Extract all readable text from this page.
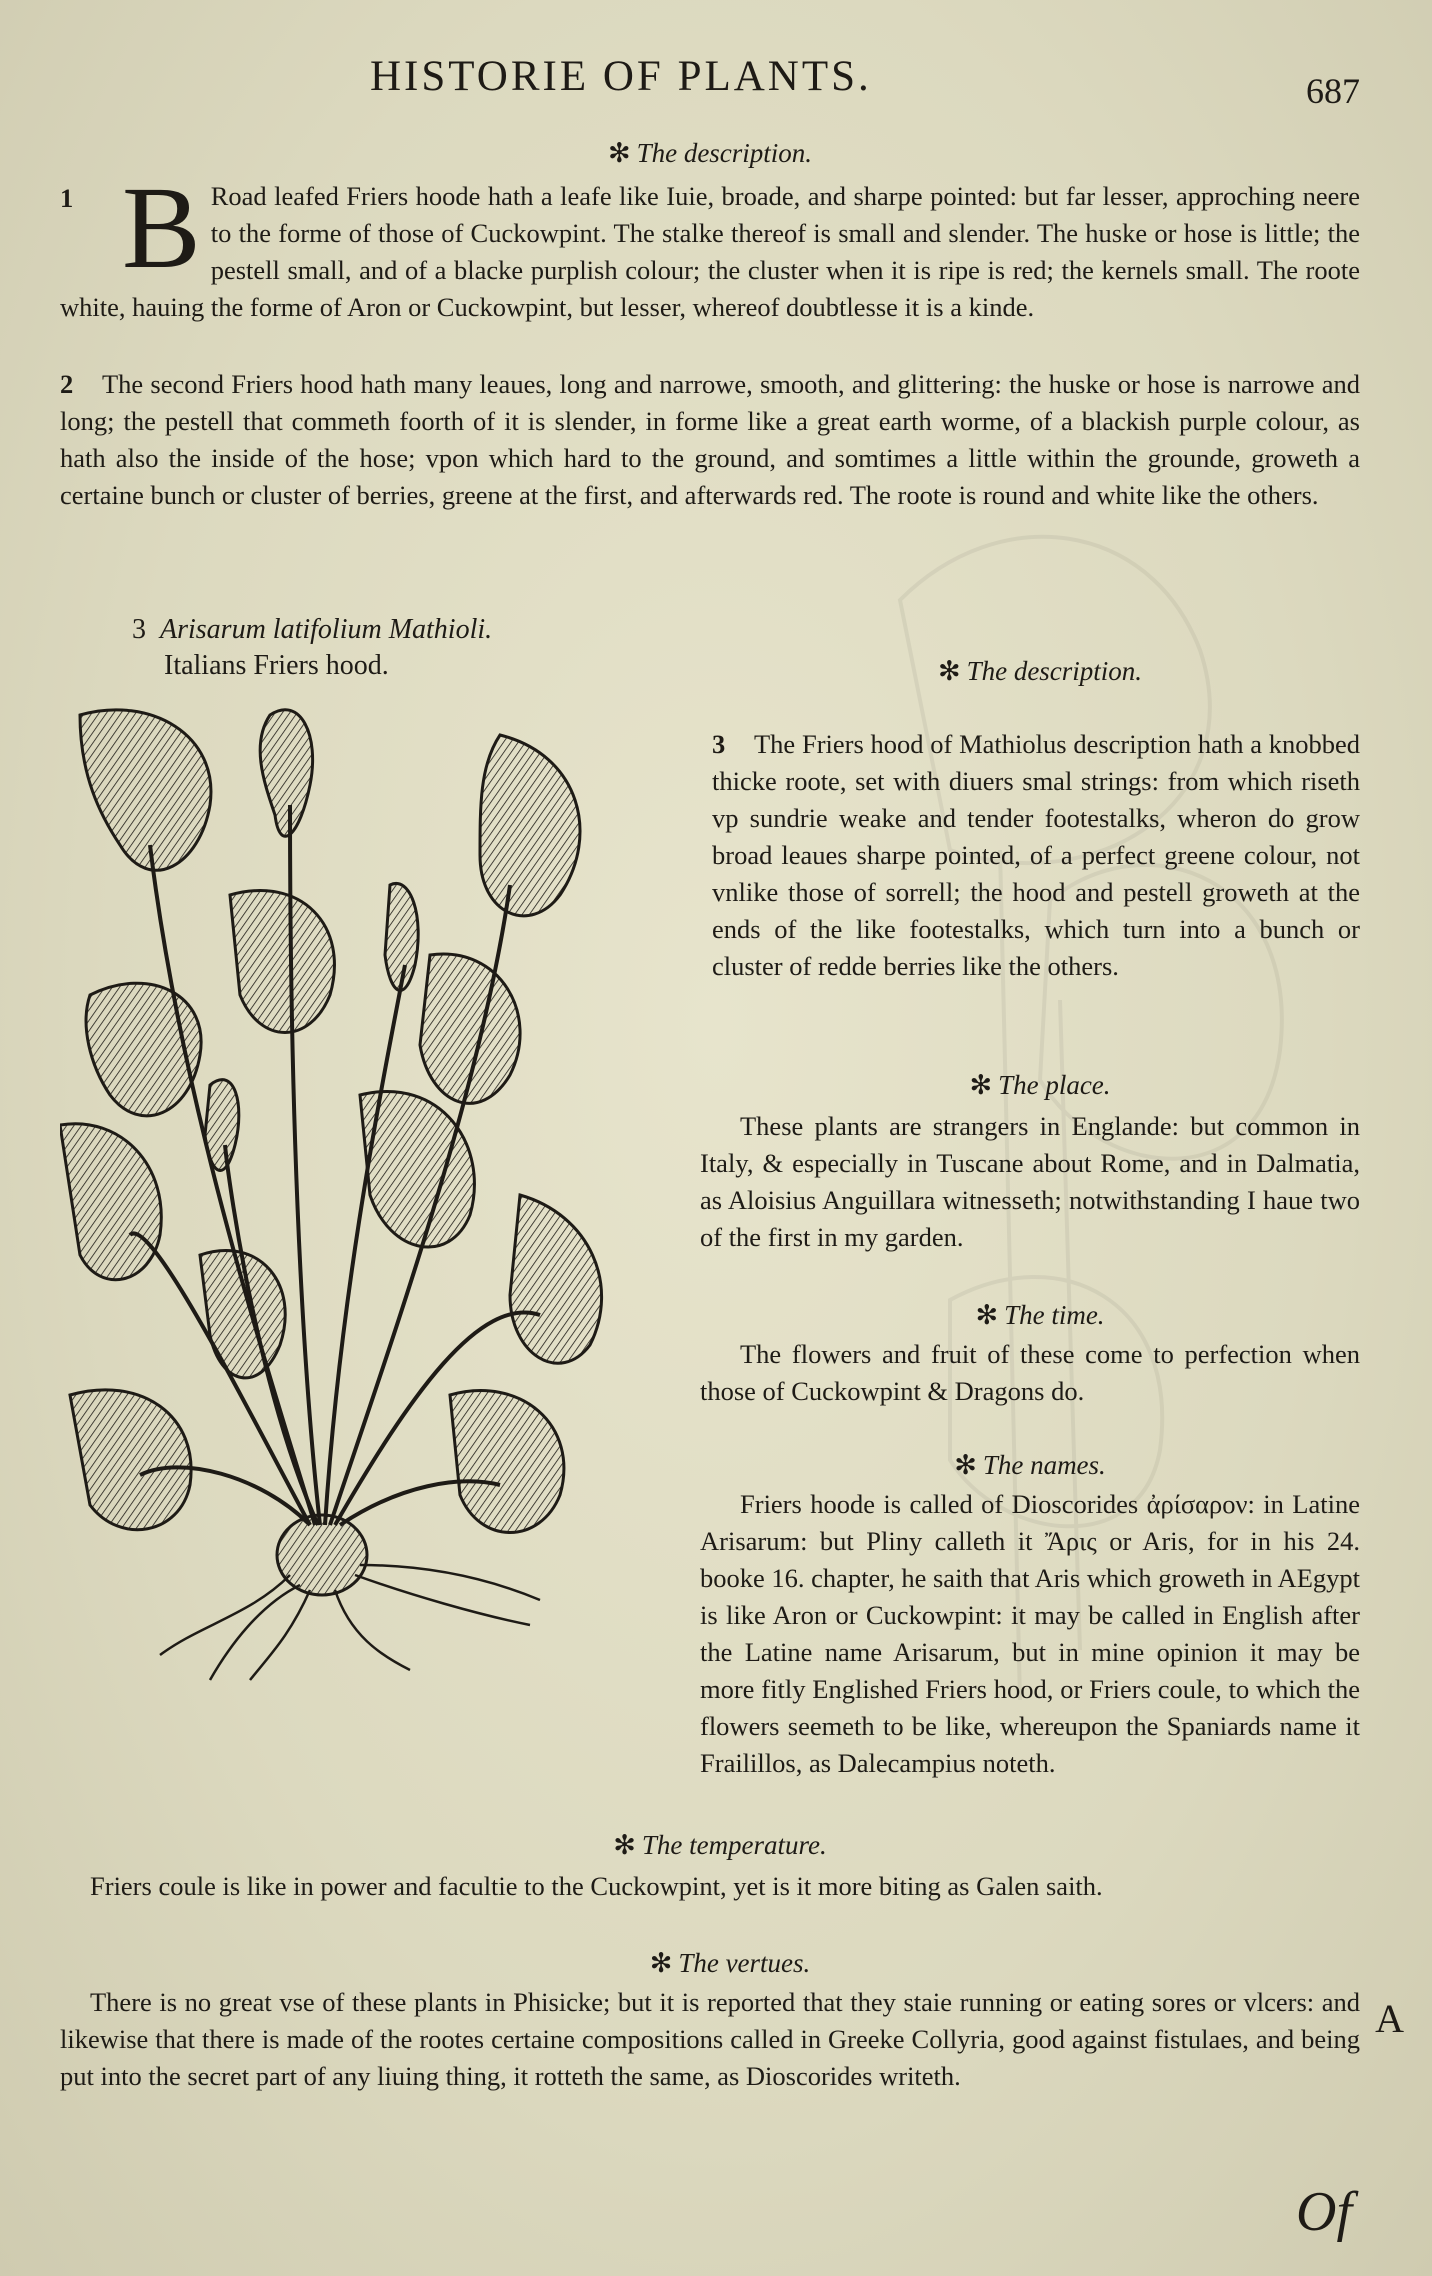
HISTORIE OF PLANTS.	687
✻ The description.
1 B Road leafed Friers hoode hath a leafe like Iuie, broade, and sharpe pointed: but far lesser, approching neere to the forme of those of Cuckowpint. The stalke thereof is small and slender. The huske or hose is little; the pestell small, and of a blacke purplish colour; the cluster when it is ripe is red; the kernels small. The roote white, hauing the forme of Aron or Cuckowpint, but lesser, whereof doubtlesse it is a kinde.
2 The second Friers hood hath many leaues, long and narrowe, smooth, and glittering: the huske or hose is narrowe and long; the pestell that commeth foorth of it is slender, in forme like a great earth worme, of a blackish purple colour, as hath also the inside of the hose; vpon which hard to the ground, and somtimes a little within the grounde, groweth a certaine bunch or cluster of berries, greene at the first, and afterwards red. The roote is round and white like the others.
3 Arisarum latifolium Mathioli.
Italians Friers hood.	✻ The description.
3 The Friers hood of Mathiolus description hath a knobbed thicke roote, set with diuers smal strings: from which riseth vp sundrie weake and tender footestalks, wheron do grow broad leaues sharpe pointed, of a perfect greene colour, not vnlike those of sorrell; the hood and pestell groweth at the ends of the like footestalks, which turn into a bunch or cluster of redde berries like the others.
✻ The place.
These plants are strangers in Englande: but common in Italy, & especially in Tuscane about Rome, and in Dalmatia, as Aloisius Anguillara witnesseth; notwithstanding I haue two of the first in my garden.
✻ The time.
The flowers and fruit of these come to perfection when those of Cuckowpint & Dragons do.
✻ The names.
Friers hoode is called of Dioscorides ἀρίσαρον: in Latine Arisarum: but Pliny calleth it Ἄρις or Aris, for in his 24. booke 16. chapter, he saith that Aris which groweth in AEgypt is like Aron or Cuckowpint: it may be called in English after the Latine name Arisarum, but in mine opinion it may be more fitly Englished Friers hood, or Friers coule, to which the flowers seemeth to be like, whereupon the Spaniards name it Frailillos, as Dalecampius noteth.
✻ The temperature.
Friers coule is like in power and facultie to the Cuckowpint, yet is it more biting as Galen saith.
✻ The vertues.
There is no great vse of these plants in Phisicke; but it is reported that they staie running or eating sores or vlcers: and likewise that there is made of the rootes certaine compositions called in Greeke Collyria, good against fistulaes, and being put into the secret part of any liuing thing, it rotteth the same, as Dioscorides writeth.
A
Of
